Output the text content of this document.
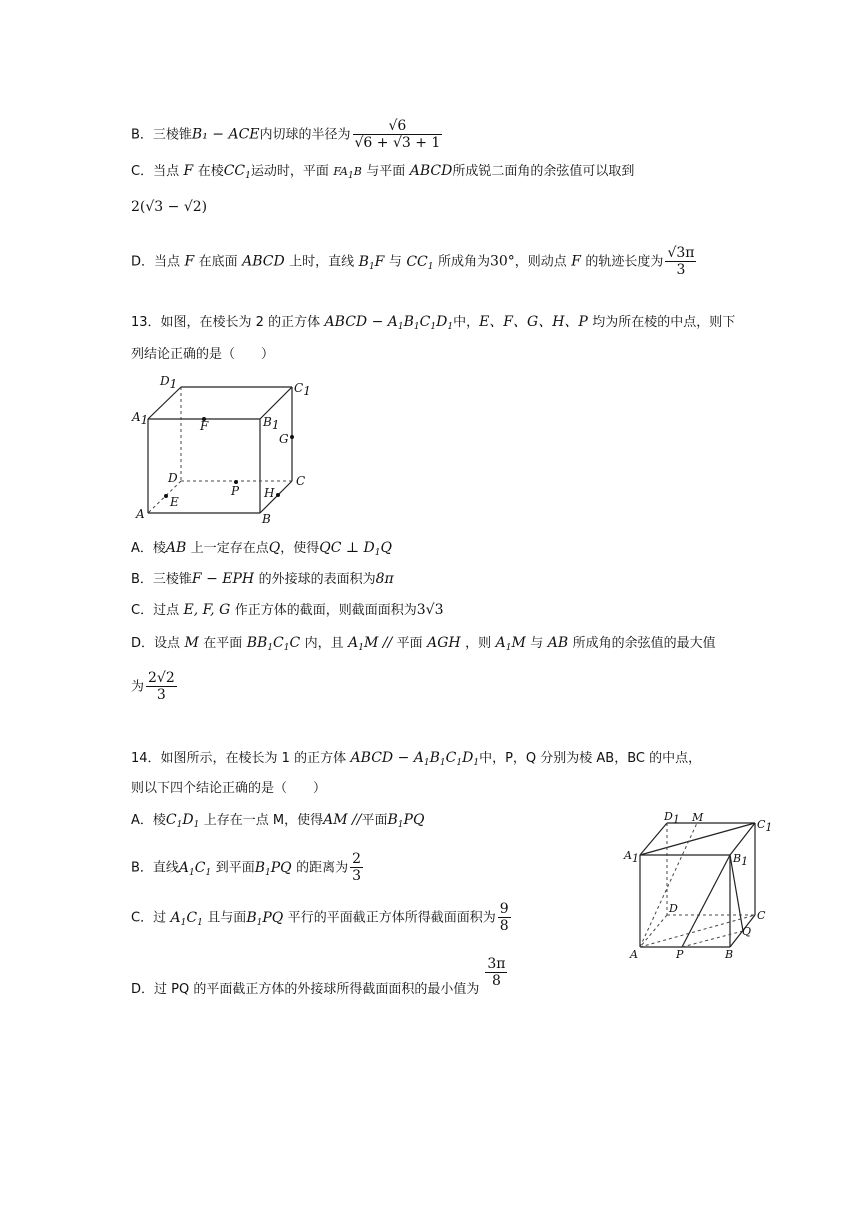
B．三棱锥B₁ − ACE内切球的半径为 $\frac{√6}{√6 + √3 + 1}$
C．当点 F 在棱$CC_1$运动时，平面 $FA_1B$ 与平面 ABCD所成锐二面角的余弦值可以取到
2(√3 − √2)
D．当点 F 在底面 ABCD 上时，直线 $B_1F$ 与 $CC_1$ 所成角为30°，则动点 F 的轨迹长度为 $\frac{√3\pi}{3}$
13．如图，在棱长为 2 的正方体 ABCD − $A_1B_1C_1D_1$中，E、F、G、H、P 均为所在棱的中点，则下
列结论正确的是（　　）
D1	C1
A1	B1
F
G
D	C
E
P H
A	B
A．棱AB 上一定存在点Q，使得QC ⊥ $D_1Q$
B．三棱锥F − EPH 的外接球的表面积为8π
C．过点 E, F, G 作正方体的截面，则截面面积为3√3
D．设点 M 在平面 $BB_1C_1C$ 内，且 $A_1M$ // 平面 AGH ，则 $A_1M$ 与 AB 所成角的余弦值的最大值
为 $\frac{2√2}{3}$
14．如图所示，在棱长为 1 的正方体 ABCD − $A_1B_1C_1D_1$中，P，Q 分别为棱 AB，BC 的中点，
则以下四个结论正确的是（　　）
A．棱$C_1D_1$ 上存在一点 M，使得AM //平面$B_1PQ$
B．直线$A_1C_1$ 到平面$B_1PQ$ 的距离为 $\frac{2}{3}$
C．过 $A_1C_1$ 且与面$B_1PQ$ 平行的平面截正方体所得截面面积为 $\frac{9}{8}$
D．过 PQ 的平面截正方体的外接球所得截面面积的最小值为
$\frac{3\pi}{8}$
D1 M
C1
A1	B1
D
C
Q
A	P	B
